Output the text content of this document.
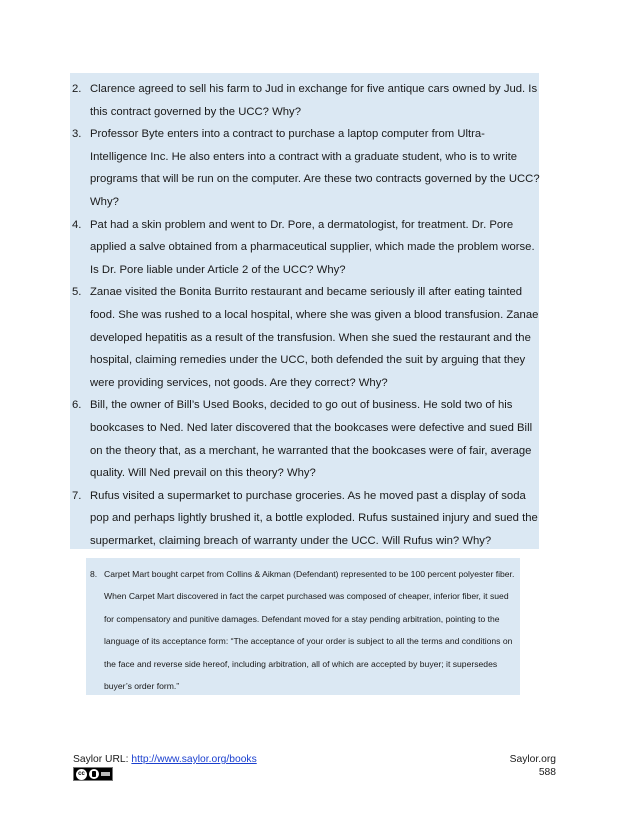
2. Clarence agreed to sell his farm to Jud in exchange for five antique cars owned by Jud. Is this contract governed by the UCC? Why?
3. Professor Byte enters into a contract to purchase a laptop computer from Ultra-Intelligence Inc. He also enters into a contract with a graduate student, who is to write programs that will be run on the computer. Are these two contracts governed by the UCC? Why?
4. Pat had a skin problem and went to Dr. Pore, a dermatologist, for treatment. Dr. Pore applied a salve obtained from a pharmaceutical supplier, which made the problem worse. Is Dr. Pore liable under Article 2 of the UCC? Why?
5. Zanae visited the Bonita Burrito restaurant and became seriously ill after eating tainted food. She was rushed to a local hospital, where she was given a blood transfusion. Zanae developed hepatitis as a result of the transfusion. When she sued the restaurant and the hospital, claiming remedies under the UCC, both defended the suit by arguing that they were providing services, not goods. Are they correct? Why?
6. Bill, the owner of Bill’s Used Books, decided to go out of business. He sold two of his bookcases to Ned. Ned later discovered that the bookcases were defective and sued Bill on the theory that, as a merchant, he warranted that the bookcases were of fair, average quality. Will Ned prevail on this theory? Why?
7. Rufus visited a supermarket to purchase groceries. As he moved past a display of soda pop and perhaps lightly brushed it, a bottle exploded. Rufus sustained injury and sued the supermarket, claiming breach of warranty under the UCC. Will Rufus win? Why?
8. Carpet Mart bought carpet from Collins & Aikman (Defendant) represented to be 100 percent polyester fiber. When Carpet Mart discovered in fact the carpet purchased was composed of cheaper, inferior fiber, it sued for compensatory and punitive damages. Defendant moved for a stay pending arbitration, pointing to the language of its acceptance form: “The acceptance of your order is subject to all the terms and conditions on the face and reverse side hereof, including arbitration, all of which are accepted by buyer; it supersedes buyer’s order form.”
Saylor URL: http://www.saylor.org/books
cc
Saylor.org
588
